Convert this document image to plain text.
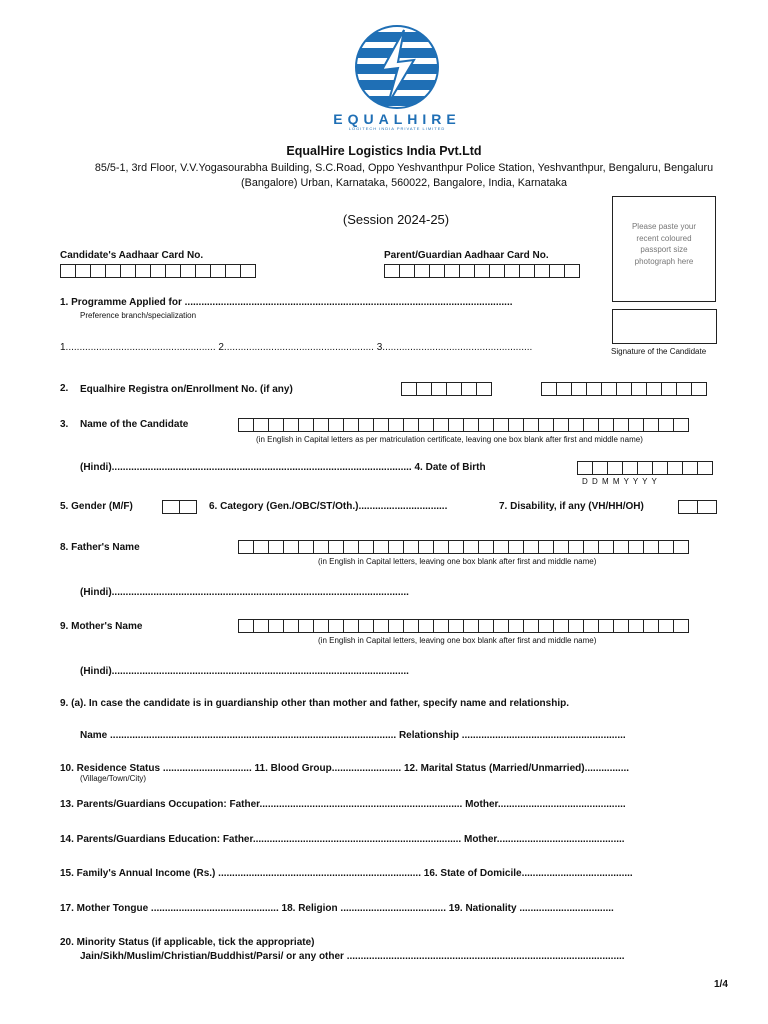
EQUALHIRE
LOGITECH INDIA PRIVATE LIMITED
EqualHire Logistics India Pvt.Ltd
85/5-1, 3rd Floor, V.V.Yogasourabha Building, S.C.Road, Oppo Yeshvanthpur Police Station, Yeshvanthpur, Bengaluru, Bengaluru
(Bangalore) Urban, Karnataka, 560022, Bangalore, India, Karnataka
(Session 2024-25)	Please paste your recent coloured passport size photograph here
Signature of the Candidate
Candidate's Aadhaar Card No.	Parent/Guardian Aadhaar Card No.
1. Programme Applied for ......................................................................................................................
Preference branch/specialization
1...................................................... 2...................................................... 3......................................................
2. Equalhire Registra on/Enrollment No. (if any)
3. Name of the Candidate
(in English in Capital letters as per matriculation certificate, leaving one box blank after first and middle name)
(Hindi)............................................................................................................ 4. Date of Birth
D D M M Y Y Y Y
5. Gender (M/F)	6. Category (Gen./OBC/ST/Oth.)................................	7. Disability, if any (VH/HH/OH)
8. Father's Name
(in English in Capital letters, leaving one box blank after first and middle name)
(Hindi)...........................................................................................................
9. Mother's Name
(in English in Capital letters, leaving one box blank after first and middle name)
(Hindi)...........................................................................................................
9. (a). In case the candidate is in guardianship other than mother and father, specify name and relationship.
Name ....................................................................................................... Relationship ...........................................................
10. Residence Status ................................ 11. Blood Group......................... 12. Marital Status (Married/Unmarried)................
(Village/Town/City)
13. Parents/Guardians Occupation: Father......................................................................... Mother..............................................
14. Parents/Guardians Education: Father........................................................................... Mother..............................................
15. Family's Annual Income (Rs.) ......................................................................... 16. State of Domicile........................................
17. Mother Tongue .............................................. 18. Religion ...................................... 19. Nationality ..................................
20. Minority Status (if applicable, tick the appropriate)
Jain/Sikh/Muslim/Christian/Buddhist/Parsi/ or any other ....................................................................................................
1/4
